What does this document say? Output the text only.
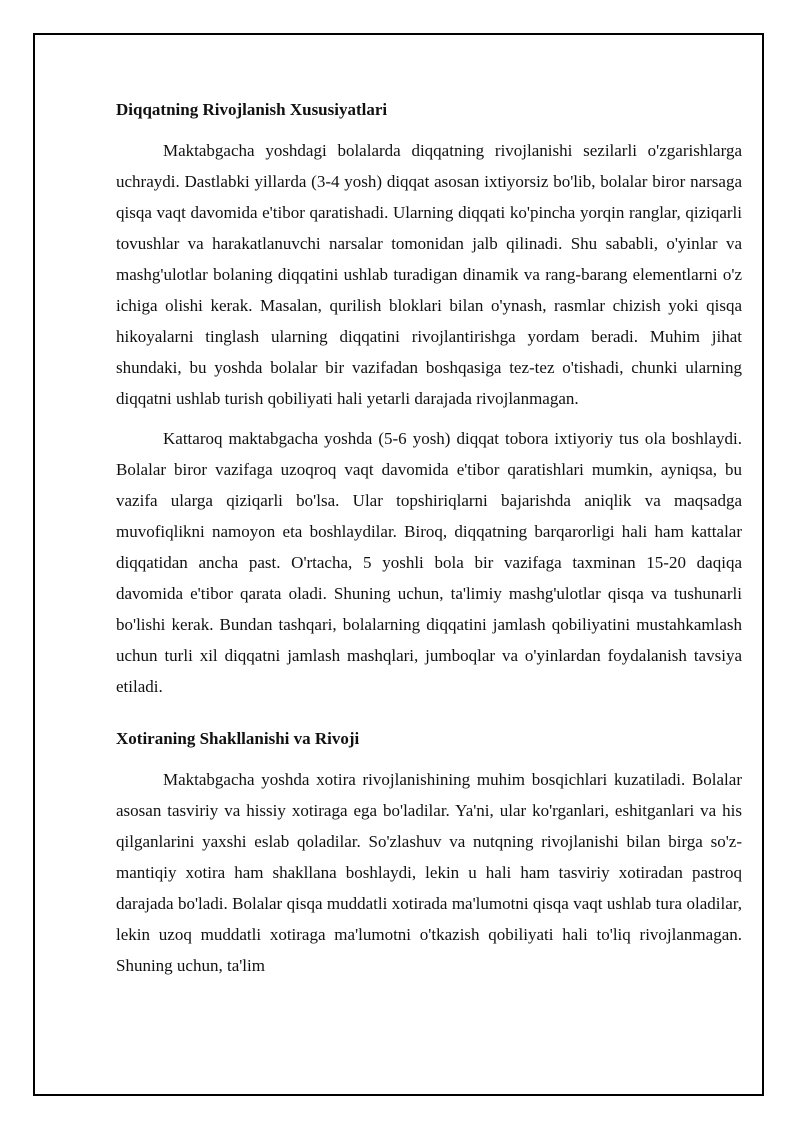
Diqqatning Rivojlanish Xususiyatlari

Maktabgacha yoshdagi bolalarda diqqatning rivojlanishi sezilarli o'zgarishlarga uchraydi. Dastlabki yillarda (3-4 yosh) diqqat asosan ixtiyorsiz bo'lib, bolalar biror narsaga qisqa vaqt davomida e'tibor qaratishadi. Ularning diqqati ko'pincha yorqin ranglar, qiziqarli tovushlar va harakatlanuvchi narsalar tomonidan jalb qilinadi. Shu sababli, o'yinlar va mashg'ulotlar bolaning diqqatini ushlab turadigan dinamik va rang-barang elementlarni o'z ichiga olishi kerak. Masalan, qurilish bloklari bilan o'ynash, rasmlar chizish yoki qisqa hikoyalarni tinglash ularning diqqatini rivojlantirishga yordam beradi. Muhim jihat shundaki, bu yoshda bolalar bir vazifadan boshqasiga tez-tez o'tishadi, chunki ularning diqqatni ushlab turish qobiliyati hali yetarli darajada rivojlanmagan.

Kattaroq maktabgacha yoshda (5-6 yosh) diqqat tobora ixtiyoriy tus ola boshlaydi. Bolalar biror vazifaga uzoqroq vaqt davomida e'tibor qaratishlari mumkin, ayniqsa, bu vazifa ularga qiziqarli bo'lsa. Ular topshiriqlarni bajarishda aniqlik va maqsadga muvofiqlikni namoyon eta boshlaydilar. Biroq, diqqatning barqarorligi hali ham kattalar diqqatidan ancha past. O'rtacha, 5 yoshli bola bir vazifaga taxminan 15-20 daqiqa davomida e'tibor qarata oladi. Shuning uchun, ta'limiy mashg'ulotlar qisqa va tushunarli bo'lishi kerak. Bundan tashqari, bolalarning diqqatini jamlash qobiliyatini mustahkamlash uchun turli xil diqqatni jamlash mashqlari, jumboqlar va o'yinlardan foydalanish tavsiya etiladi.

Xotiraning Shakllanishi va Rivoji

Maktabgacha yoshda xotira rivojlanishining muhim bosqichlari kuzatiladi. Bolalar asosan tasviriy va hissiy xotiraga ega bo'ladilar. Ya'ni, ular ko'rganlari, eshitganlari va his qilganlarini yaxshi eslab qoladilar. So'zlashuv va nutqning rivojlanishi bilan birga so'z-mantiqiy xotira ham shakllana boshlaydi, lekin u hali ham tasviriy xotiradan pastroq darajada bo'ladi. Bolalar qisqa muddatli xotirada ma'lumotni qisqa vaqt ushlab tura oladilar, lekin uzoq muddatli xotiraga ma'lumotni o'tkazish qobiliyati hali to'liq rivojlanmagan. Shuning uchun, ta'lim
